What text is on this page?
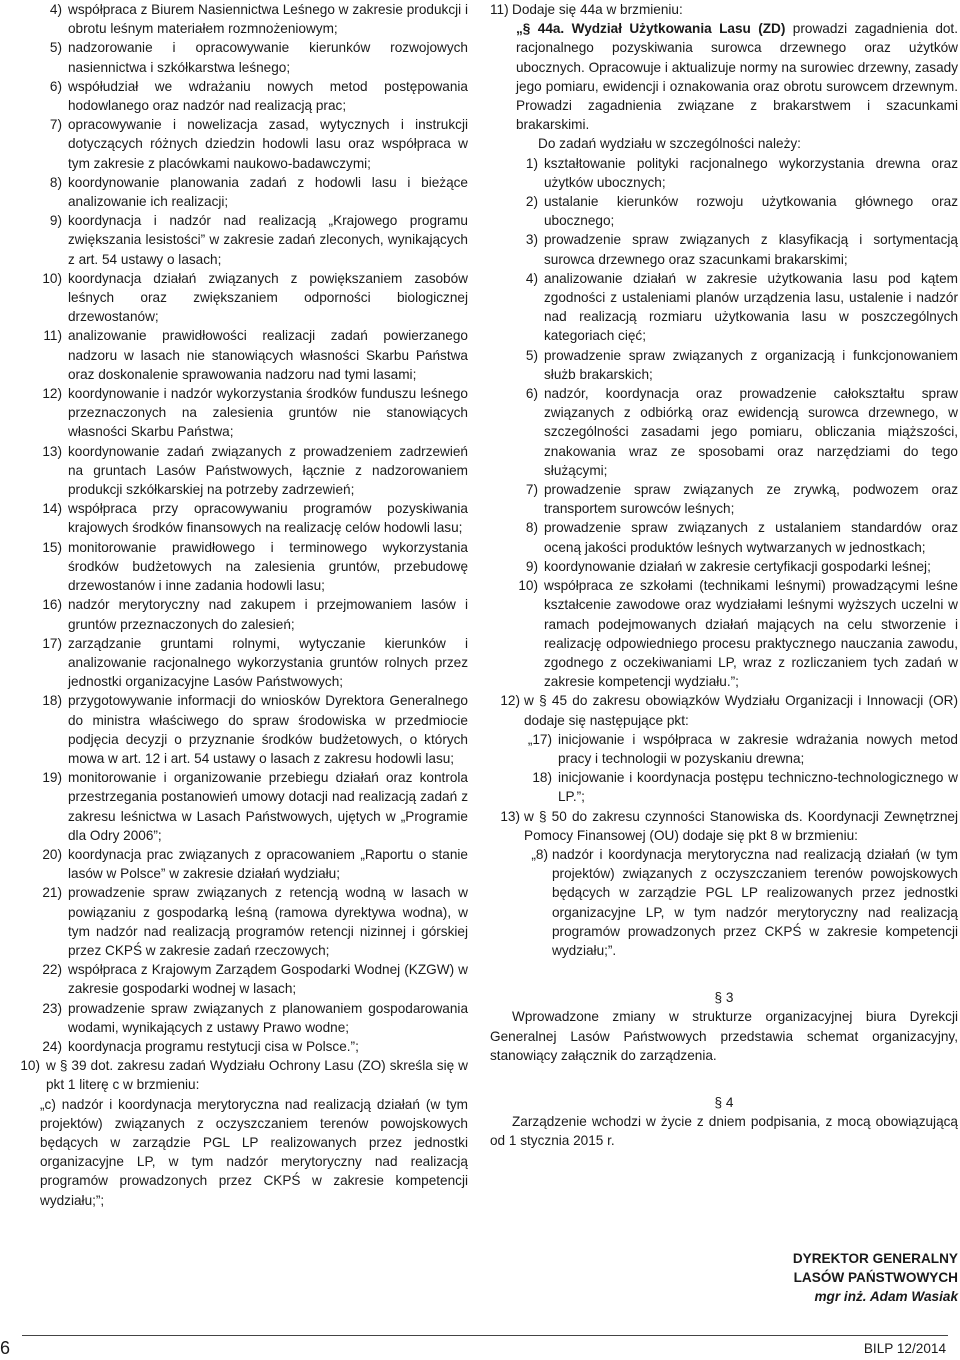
4) współpraca z Biurem Nasiennictwa Leśnego w zakresie produkcji i obrotu leśnym materiałem rozmnożeniowym;
5) nadzorowanie i opracowywanie kierunków rozwojowych nasiennictwa i szkółkarstwa leśnego;
6) współudział we wdrażaniu nowych metod postępowania hodowlanego oraz nadzór nad realizacją prac;
7) opracowywanie i nowelizacja zasad, wytycznych i instrukcji dotyczących różnych dziedzin hodowli lasu oraz współpraca w tym zakresie z placówkami naukowo-badawczymi;
8) koordynowanie planowania zadań z hodowli lasu i bieżące analizowanie ich realizacji;
9) koordynacja i nadzór nad realizacją „Krajowego programu zwiększania lesistości” w zakresie zadań zleconych, wynikających z art. 54 ustawy o lasach;
10) koordynacja działań związanych z powiększaniem zasobów leśnych oraz zwiększaniem odporności biologicznej drzewostanów;
11) analizowanie prawidłowości realizacji zadań powierzanego nadzoru w lasach nie stanowiących własności Skarbu Państwa oraz doskonalenie sprawowania nadzoru nad tymi lasami;
12) koordynowanie i nadzór wykorzystania środków funduszu leśnego przeznaczonych na zalesienia gruntów nie stanowiących własności Skarbu Państwa;
13) koordynowanie zadań związanych z prowadzeniem zadrzewień na gruntach Lasów Państwowych, łącznie z nadzorowaniem produkcji szkółkarskiej na potrzeby zadrzewień;
14) współpraca przy opracowywaniu programów pozyskiwania krajowych środków finansowych na realizację celów hodowli lasu;
15) monitorowanie prawidłowego i terminowego wykorzystania środków budżetowych na zalesienia gruntów, przebudowę drzewostanów i inne zadania hodowli lasu;
16) nadzór merytoryczny nad zakupem i przejmowaniem lasów i gruntów przeznaczonych do zalesień;
17) zarządzanie gruntami rolnymi, wytyczanie kierunków i analizowanie racjonalnego wykorzystania gruntów rolnych przez jednostki organizacyjne Lasów Państwowych;
18) przygotowywanie informacji do wniosków Dyrektora Generalnego do ministra właściwego do spraw środowiska w przedmiocie podjęcia decyzji o przyznanie środków budżetowych, o których mowa w art. 12 i art. 54 ustawy o lasach z zakresu hodowli lasu;
19) monitorowanie i organizowanie przebiegu działań oraz kontrola przestrzegania postanowień umowy dotacji nad realizacją zadań z zakresu leśnictwa w Lasach Państwowych, ujętych w „Programie dla Odry 2006”;
20) koordynacja prac związanych z opracowaniem „Raportu o stanie lasów w Polsce” w zakresie działań wydziału;
21) prowadzenie spraw związanych z retencją wodną w lasach w powiązaniu z gospodarką leśną (ramowa dyrektywa wodna), w tym nadzór nad realizacją programów retencji nizinnej i górskiej przez CKPŚ w zakresie zadań rzeczowych;
22) współpraca z Krajowym Zarządem Gospodarki Wodnej (KZGW) w zakresie gospodarki wodnej w lasach;
23) prowadzenie spraw związanych z planowaniem gospodarowania wodami, wynikających z ustawy Prawo wodne;
24) koordynacja programu restytucji cisa w Polsce.”;
10) w § 39 dot. zakresu zadań Wydziału Ochrony Lasu (ZO) skreśla się w pkt 1 literę c w brzmieniu:
„c) nadzór i koordynacja merytoryczna nad realizacją działań (w tym projektów) związanych z oczyszczaniem terenów powojskowych będących w zarządzie PGL LP realizowanych przez jednostki organizacyjne LP, w tym nadzór merytoryczny nad realizacją programów prowadzonych przez CKPŚ w zakresie kompetencji wydziału;”;
11) Dodaje się 44a w brzmieniu:
„§ 44a. Wydział Użytkowania Lasu (ZD) prowadzi zagadnienia dot. racjonalnego pozyskiwania surowca drzewnego oraz użytków ubocznych. Opracowuje i aktualizuje normy na surowiec drzewny, zasady jego pomiaru, ewidencji i oznakowania oraz obrotu surowcem drzewnym. Prowadzi zagadnienia związane z brakarstwem i szacunkami brakarskimi.
Do zadań wydziału w szczególności należy:
1) kształtowanie polityki racjonalnego wykorzystania drewna oraz użytków ubocznych;
2) ustalanie kierunków rozwoju użytkowania głównego oraz ubocznego;
3) prowadzenie spraw związanych z klasyfikacją i sortymentacją surowca drzewnego oraz szacunkami brakarskimi;
4) analizowanie działań w zakresie użytkowania lasu pod kątem zgodności z ustaleniami planów urządzenia lasu, ustalenie i nadzór nad realizacją rozmiaru użytkowania lasu w poszczególnych kategoriach cięć;
5) prowadzenie spraw związanych z organizacją i funkcjonowaniem służb brakarskich;
6) nadzór, koordynacja oraz prowadzenie całokształtu spraw związanych z odbiórką oraz ewidencją surowca drzewnego, w szczególności zasadami jego pomiaru, obliczania miąższości, znakowania wraz ze sposobami oraz narzędziami do tego służącymi;
7) prowadzenie spraw związanych ze zrywką, podwozem oraz transportem surowców leśnych;
8) prowadzenie spraw związanych z ustalaniem standardów oraz oceną jakości produktów leśnych wytwarzanych w jednostkach;
9) koordynowanie działań w zakresie certyfikacji gospodarki leśnej;
10) współpraca ze szkołami (technikami leśnymi) prowadzącymi leśne kształcenie zawodowe oraz wydziałami leśnymi wyższych uczelni w ramach podejmowanych działań mających na celu stworzenie i realizację odpowiedniego procesu praktycznego nauczania zawodu, zgodnego z oczekiwaniami LP, wraz z rozliczaniem tych zadań w zakresie kompetencji wydziału.”;
12) w § 45 do zakresu obowiązków Wydziału Organizacji i Innowacji (OR) dodaje się następujące pkt:
„17) inicjowanie i współpraca w zakresie wdrażania nowych metod pracy i technologii w pozyskaniu drewna;
18) inicjowanie i koordynacja postępu techniczno-technologicznego w LP.”;
13) w § 50 do zakresu czynności Stanowiska ds. Koordynacji Zewnętrznej Pomocy Finansowej (OU) dodaje się pkt 8 w brzmieniu:
„8) nadzór i koordynacja merytoryczna nad realizacją działań (w tym projektów) związanych z oczyszczaniem terenów powojskowych będących w zarządzie PGL LP realizowanych przez jednostki organizacyjne LP, w tym nadzór merytoryczny nad realizacją programów prowadzonych przez CKPŚ w zakresie kompetencji wydziału;”.
§ 3
Wprowadzone zmiany w strukturze organizacyjnej biura Dyrekcji Generalnej Lasów Państwowych przedstawia schemat organizacyjny, stanowiący załącznik do zarządzenia.
§ 4
Zarządzenie wchodzi w życie z dniem podpisania, z mocą obowiązującą od 1 stycznia 2015 r.
DYREKTOR GENERALNY
LASÓW PAŃSTWOWYCH
mgr inż. Adam Wasiak
6	BILP 12/2014
